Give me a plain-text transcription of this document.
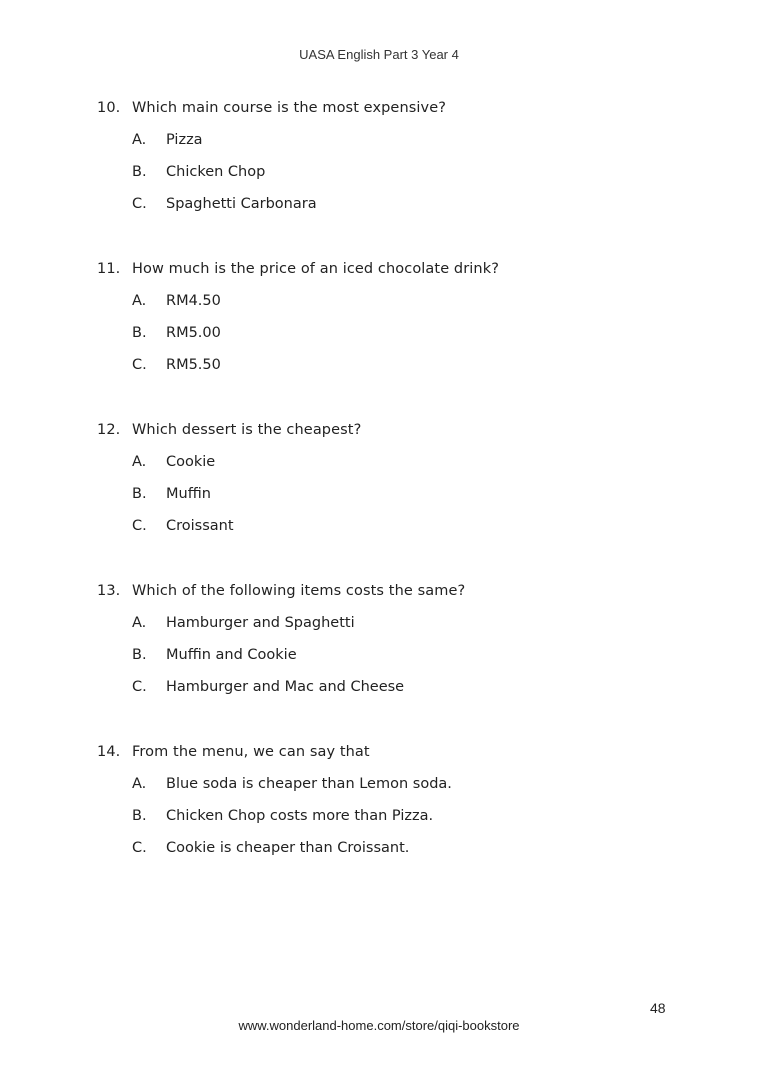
UASA English Part 3 Year 4
10. Which main course is the most expensive?
A.	Pizza
B.	Chicken Chop
C.	Spaghetti Carbonara
11. How much is the price of an iced chocolate drink?
A.	RM4.50
B.	RM5.00
C.	RM5.50
12. Which dessert is the cheapest?
A.	Cookie
B.	Muffin
C.	Croissant
13. Which of the following items costs the same?
A.	Hamburger and Spaghetti
B.	Muffin and Cookie
C.	Hamburger and Mac and Cheese
14. From the menu, we can say that
A.	Blue soda is cheaper than Lemon soda.
B.	Chicken Chop costs more than Pizza.
C.	Cookie is cheaper than Croissant.
48
www.wonderland-home.com/store/qiqi-bookstore
